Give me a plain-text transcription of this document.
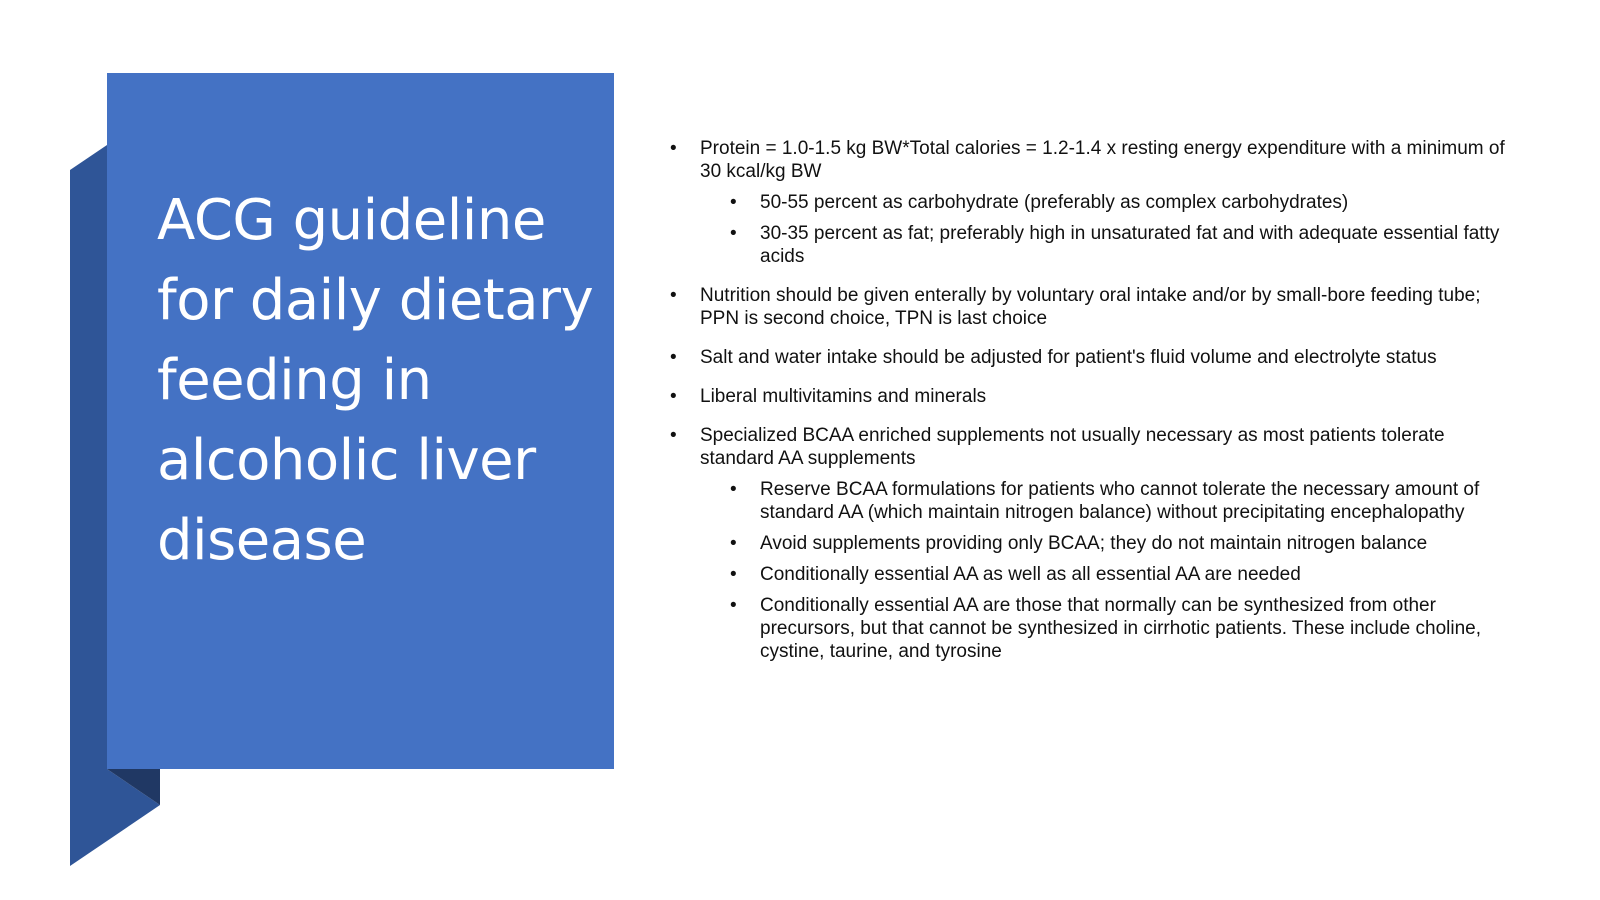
ACG guideline for daily dietary feeding in alcoholic liver disease
• Protein = 1.0-1.5 kg BW*Total calories = 1.2-1.4 x resting energy expenditure with a minimum of 30 kcal/kg BW
• 50-55 percent as carbohydrate (preferably as complex carbohydrates)
• 30-35 percent as fat; preferably high in unsaturated fat and with adequate essential fatty acids
• Nutrition should be given enterally by voluntary oral intake and/or by small-bore feeding tube; PPN is second choice, TPN is last choice
• Salt and water intake should be adjusted for patient's fluid volume and electrolyte status
• Liberal multivitamins and minerals
• Specialized BCAA enriched supplements not usually necessary as most patients tolerate standard AA supplements
• Reserve BCAA formulations for patients who cannot tolerate the necessary amount of standard AA (which maintain nitrogen balance) without precipitating encephalopathy
• Avoid supplements providing only BCAA; they do not maintain nitrogen balance
• Conditionally essential AA as well as all essential AA are needed
• Conditionally essential AA are those that normally can be synthesized from other precursors, but that cannot be synthesized in cirrhotic patients. These include choline, cystine, taurine, and tyrosine
